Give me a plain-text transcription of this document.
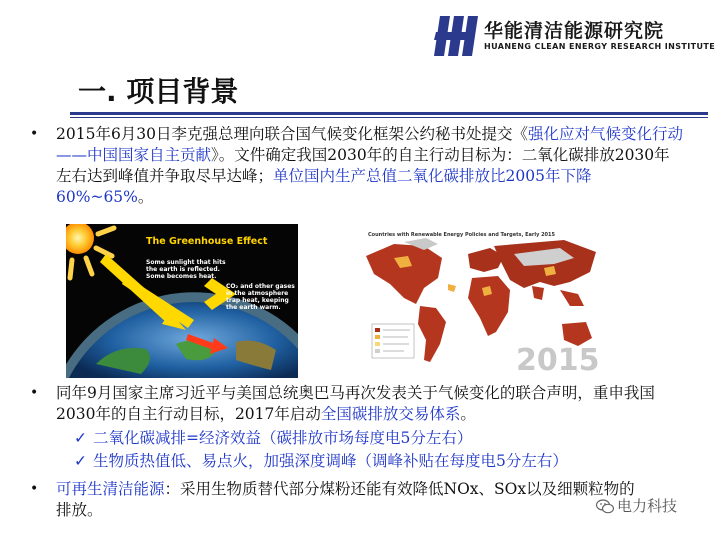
华能清洁能源研究院
HUANENG CLEAN ENERGY RESEARCH INSTITUTE
一. 项目背景
• 2015年6月30日李克强总理向联合国气候变化框架公约秘书处提交《强化应对气候变化行动——中国国家自主贡献》。文件确定我国2030年的自主行动目标为：二氧化碳排放2030年左右达到峰值并争取尽早达峰；单位国内生产总值二氧化碳排放比2005年下降60%~65%。
The Greenhouse Effect
Some sunlight that hits
the earth is reflected.
Some becomes heat.
CO₂ and other gases
in the atmosphere
trap heat, keeping
the earth warm.
Countries with Renewable Energy Policies and Targets, Early 2015
2015
• 同年9月国家主席习近平与美国总统奥巴马再次发表关于气候变化的联合声明，重申我国2030年的自主行动目标，2017年启动全国碳排放交易体系。
✓ 二氧化碳减排=经济效益（碳排放市场每度电5分左右）
✓ 生物质热值低、易点火，加强深度调峰（调峰补贴在每度电5分左右）
• 可再生清洁能源：采用生物质替代部分煤粉还能有效降低NOx、SOx以及细颗粒物的排放。	电力科技
